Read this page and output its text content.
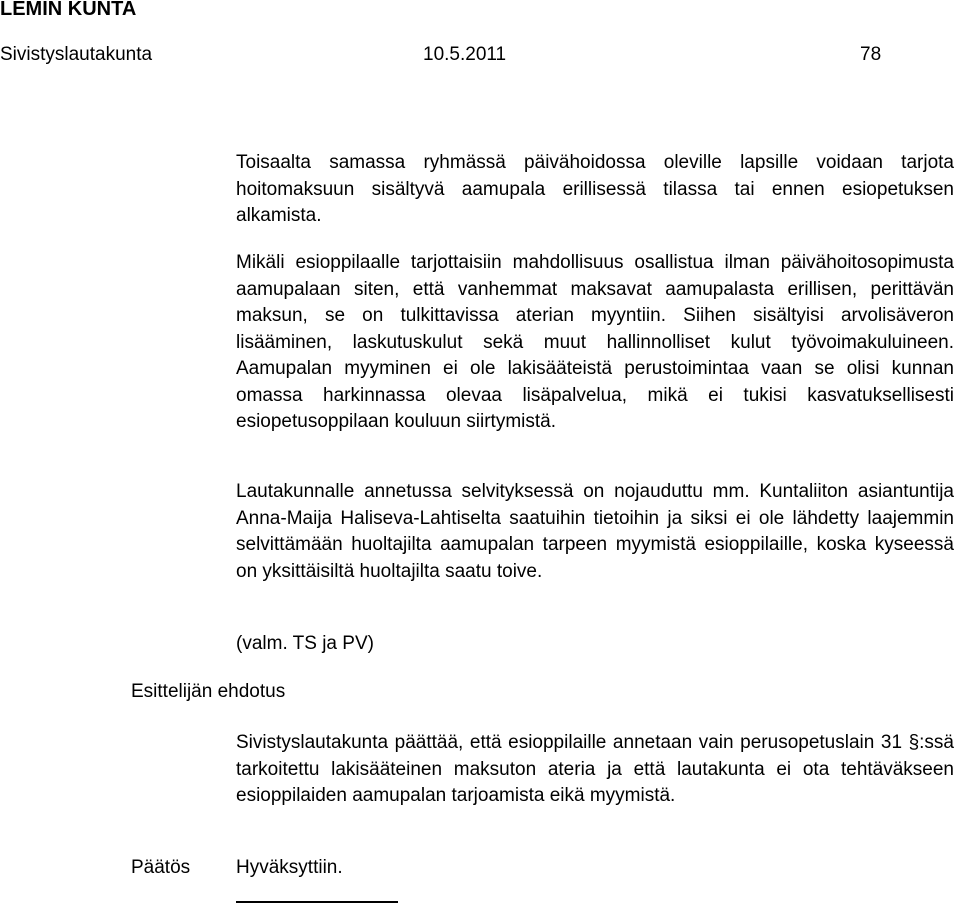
LEMIN KUNTA
Sivistyslautakunta	10.5.2011	78

Toisaalta samassa ryhmässä päivähoidossa oleville lapsille voidaan tarjota hoitomaksuun sisältyvä aamupala erillisessä tilassa tai ennen esiopetuksen alkamista.

Mikäli esioppilaalle tarjottaisiin mahdollisuus osallistua ilman päivähoitosopimusta aamupalaan siten, että vanhemmat maksavat aamupalasta erillisen, perittävän maksun, se on tulkittavissa aterian myyntiin. Siihen sisältyisi arvolisäveron lisääminen, laskutuskulut sekä muut hallinnolliset kulut työvoimakuluineen. Aamupalan myyminen ei ole lakisääteistä perustoimintaa vaan se olisi kunnan omassa harkinnassa olevaa lisäpalvelua, mikä ei tukisi kasvatuksellisesti esiopetusoppilaan kouluun siirtymistä.

Lautakunnalle annetussa selvityksessä on nojauduttu mm. Kuntaliiton asiantuntija Anna-Maija Haliseva-Lahtiselta saatuihin tietoihin ja siksi ei ole lähdetty laajemmin selvittämään huoltajilta aamupalan tarpeen myymistä esioppilaille, koska kyseessä on yksittäisiltä huoltajilta saatu toive.

(valm. TS ja PV)

Esittelijän ehdotus

Sivistyslautakunta päättää, että esioppilaille annetaan vain perusopetuslain 31 §:ssä tarkoitettu lakisääteinen maksuton ateria ja että lautakunta ei ota tehtäväkseen esioppilaiden aamupalan tarjoamista eikä myymistä.

Päätös Hyväksyttiin.
